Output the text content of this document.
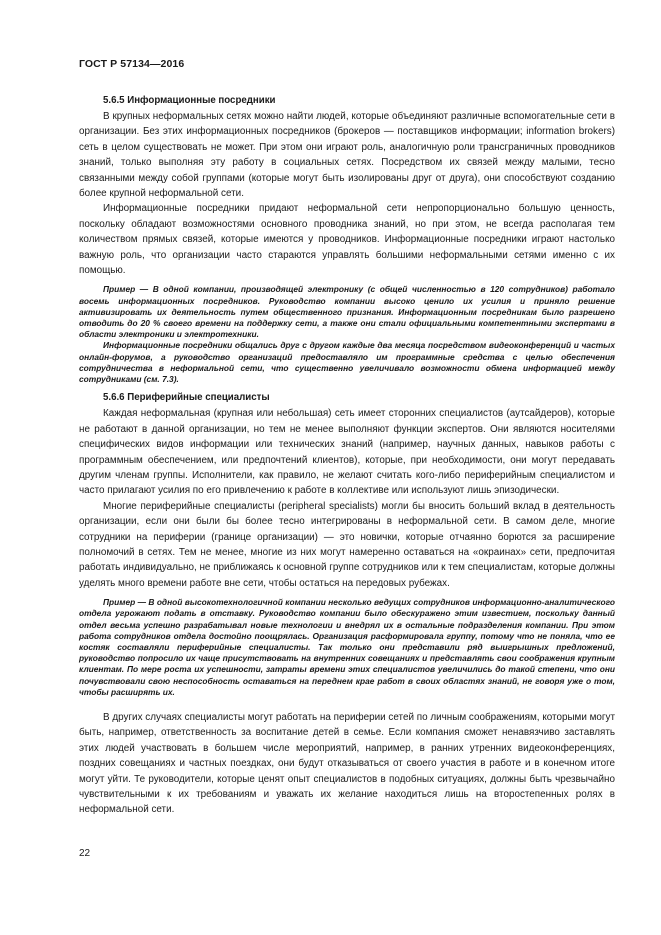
ГОСТ Р 57134—2016
5.6.5 Информационные посредники

В крупных неформальных сетях можно найти людей, которые объединяют различные вспомогательные сети в организации. Без этих информационных посредников (брокеров — поставщиков информации; information brokers) сеть в целом существовать не может. При этом они играют роль, аналогичную роли трансграничных проводников знаний, только выполняя эту работу в социальных сетях. Посредством их связей между малыми, тесно связанными между собой группами (которые могут быть изолированы друг от друга), они способствуют созданию более крупной неформальной сети.

Информационные посредники придают неформальной сети непропорционально большую ценность, поскольку обладают возможностями основного проводника знаний, но при этом, не всегда располагая тем количеством прямых связей, которые имеются у проводников. Информационные посредники играют настолько важную роль, что организации часто стараются управлять большими неформальными сетями именно с их помощью.

Пример — В одной компании, производящей электронику (с общей численностью в 120 сотрудников) работало восемь информационных посредников. Руководство компании высоко ценило их усилия и приняло решение активизировать их деятельность путем общественного признания. Информационным посредникам было разрешено отводить до 20 % своего времени на поддержку сети, а также они стали официальными компетентными экспертами в области электроники и электротехники.

Информационные посредники общались друг с другом каждые два месяца посредством видеоконференций и частых онлайн-форумов, а руководство организаций предоставляло им программные средства с целью обеспечения сотрудничества в неформальной сети, что существенно увеличивало возможности обмена информацией между сотрудниками (см. 7.3).

5.6.6 Периферийные специалисты

Каждая неформальная (крупная или небольшая) сеть имеет сторонних специалистов (аутсайдеров), которые не работают в данной организации, но тем не менее выполняют функции экспертов. Они являются носителями специфических видов информации или технических знаний (например, научных данных, навыков работы с программным обеспечением, или предпочтений клиентов), которые, при необходимости, они могут передавать другим членам группы. Исполнители, как правило, не желают считать кого-либо периферийным специалистом и часто прилагают усилия по его привлечению к работе в коллективе или используют лишь эпизодически.

Многие периферийные специалисты (peripheral specialists) могли бы вносить больший вклад в деятельность организации, если они были бы более тесно интегрированы в неформальной сети. В самом деле, многие сотрудники на периферии (границе организации) — это новички, которые отчаянно борются за расширение полномочий в сетях. Тем не менее, многие из них могут намеренно оставаться на «окраинах» сети, предпочитая работать индивидуально, не приближаясь к основной группе сотрудников или к тем специалистам, которые должны уделять много времени работе вне сети, чтобы остаться на передовых рубежах.

Пример — В одной высокотехнологичной компании несколько ведущих сотрудников информационно-аналитического отдела угрожают подать в отставку. Руководство компании было обескуражено этим известием, поскольку данный отдел весьма успешно разрабатывал новые технологии и внедрял их в остальные подразделения компании. При этом работа сотрудников отдела достойно поощрялась. Организация расформировала группу, потому что не поняла, что ее костяк составляли периферийные специалисты. Так только они представили ряд выигрышных предложений, руководство попросило их чаще присутствовать на внутренних совещаниях и представлять свои соображения крупным клиентам. По мере роста их успешности, затраты времени этих специалистов увеличились до такой степени, что они почувствовали свою неспособность оставаться на переднем крае работ в своих областях знаний, не говоря уже о том, чтобы расширять их.

В других случаях специалисты могут работать на периферии сетей по личным соображениям, которыми могут быть, например, ответственность за воспитание детей в семье. Если компания сможет ненавязчиво заставлять этих людей участвовать в большем числе мероприятий, например, в ранних утренних видеоконференциях, поздних совещаниях и частных поездках, они будут отказываться от своего участия в работе и в конечном итоге могут уйти. Те руководители, которые ценят опыт специалистов в подобных ситуациях, должны быть чрезвычайно чувствительными к их требованиям и уважать их желание находиться лишь на второстепенных ролях в неформальной сети.

22
